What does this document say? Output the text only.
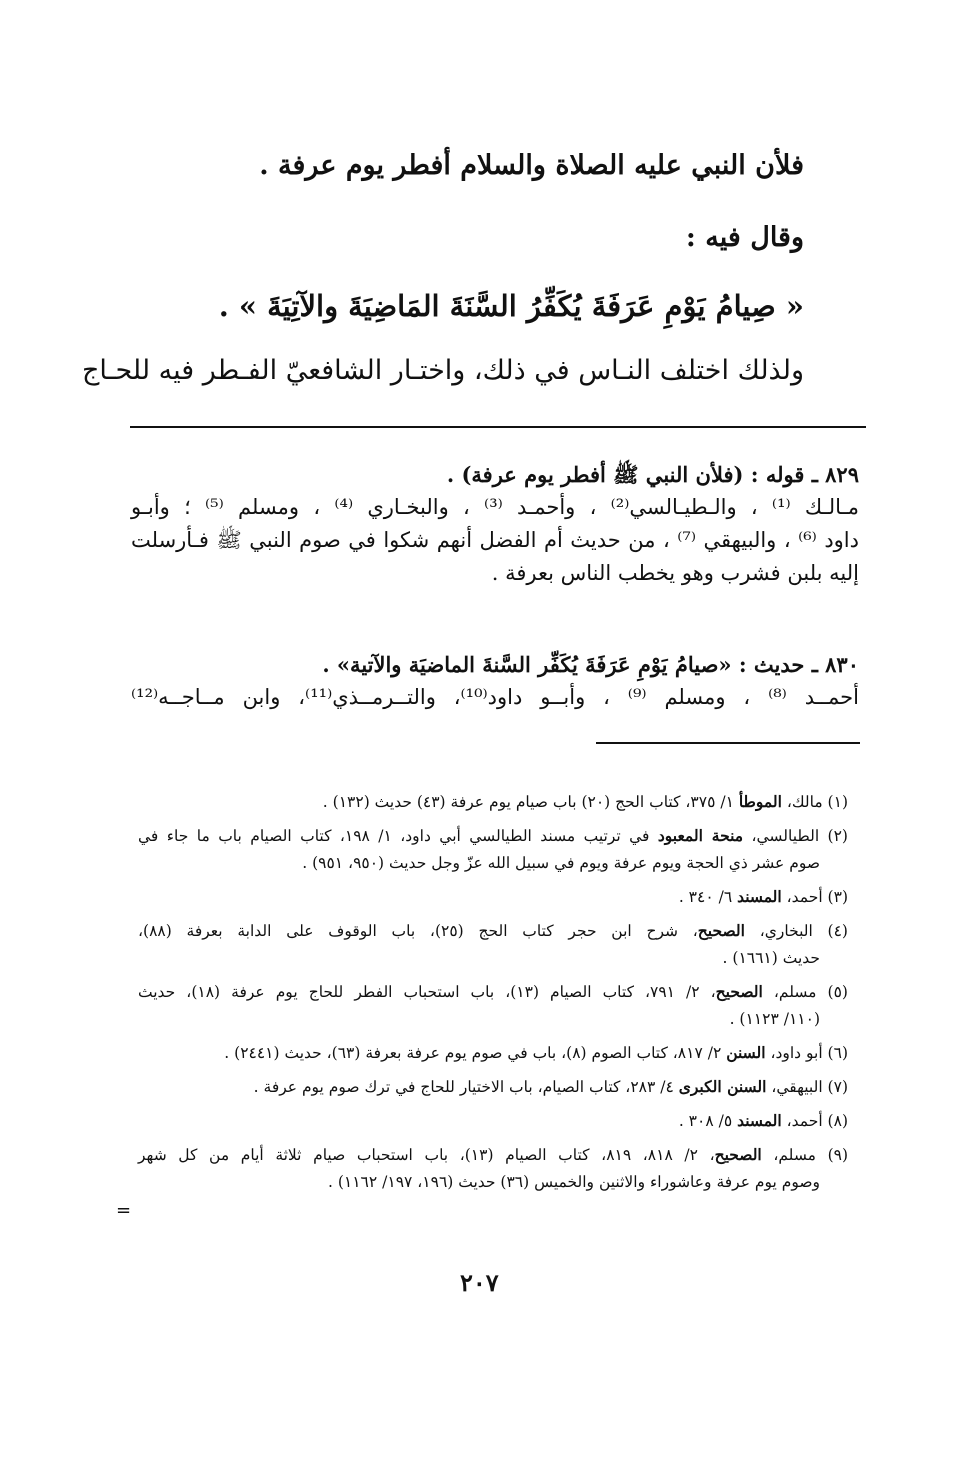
فلأن النبي عليه الصلاة والسلام أفطر يوم عرفة .

وقال فيه :

« صِيامُ يَوْمِ عَرَفَةَ يُكَفِّرُ السَّنَةَ المَاضِيَةَ والآتِيَةَ » .

ولذلك اختلف النـاس في ذلك، واختـار الشافعيّ الفـطر فيه للحـاج

٨٢٩ ـ قوله : (فلأن النبي ﷺ أفطر يوم عرفة) .
مـالـك ⁽¹⁾ ، والـطيـالسي⁽²⁾ ، وأحمـد ⁽³⁾ ، والبخـاري ⁽⁴⁾ ، ومسلم ⁽⁵⁾ ؛ وأبـو
داود ⁽⁶⁾ ، والبيهقي ⁽⁷⁾ ، من حديث أم الفضل أنهم شكوا في صوم النبي ﷺ فـأرسلت
إليه بلبن فشرب وهو يخطب الناس بعرفة .
٨٣٠ ـ حديث : «صيامُ يَوْمِ عَرَفَةَ يُكَفِّر السَّنةَ الماضيَة والآتية» .
أحمــد ⁽⁸⁾ ، ومسلم ⁽⁹⁾ ، وأبــو داود⁽¹⁰⁾، والتــرمــذي⁽¹¹⁾، وابن مــاجــه⁽¹²⁾
(١) مالك، الموطأ ١/ ٣٧٥، كتاب الحج (٢٠) باب صيام يوم عرفة (٤٣) حديث (١٣٢) .
(٢) الطيالسي، منحة المعبود في ترتيب مسند الطيالسي أبي داود، ١/ ١٩٨، كتاب الصيام باب ما جاء في
صوم عشر ذي الحجة ويوم عرفة ويوم في سبيل الله عزّ وجل حديث (٩٥٠، ٩٥١) .
(٣) أحمد، المسند ٦/ ٣٤٠ .
(٤) البخاري، الصحيح، شرح ابن حجر كتاب الحج (٢٥)، باب الوقوف على الدابة بعرفة (٨٨)،
حديث (١٦٦١) .
(٥) مسلم، الصحيح، ٢/ ٧٩١، كتاب الصيام (١٣)، باب استحباب الفطر للحاج يوم عرفة (١٨)، حديث
(١١٠/ ١١٢٣) .
(٦) أبو داود، السنن ٢/ ٨١٧، كتاب الصوم (٨)، باب في صوم يوم عرفة بعرفة (٦٣)، حديث (٢٤٤١) .
(٧) البيهقي، السنن الكبرى ٤/ ٢٨٣، كتاب الصيام، باب الاختيار للحاج في ترك صوم يوم عرفة .
(٨) أحمد، المسند ٥/ ٣٠٨ .
(٩) مسلم، الصحيح، ٢/ ٨١٨، ٨١٩، كتاب الصيام (١٣)، باب استحباب صيام ثلاثة أيام من كل شهر
وصوم يوم عرفة وعاشوراء والاثنين والخميس (٣٦) حديث (١٩٦، ١٩٧/ ١١٦٢) .
=
٢٠٧
